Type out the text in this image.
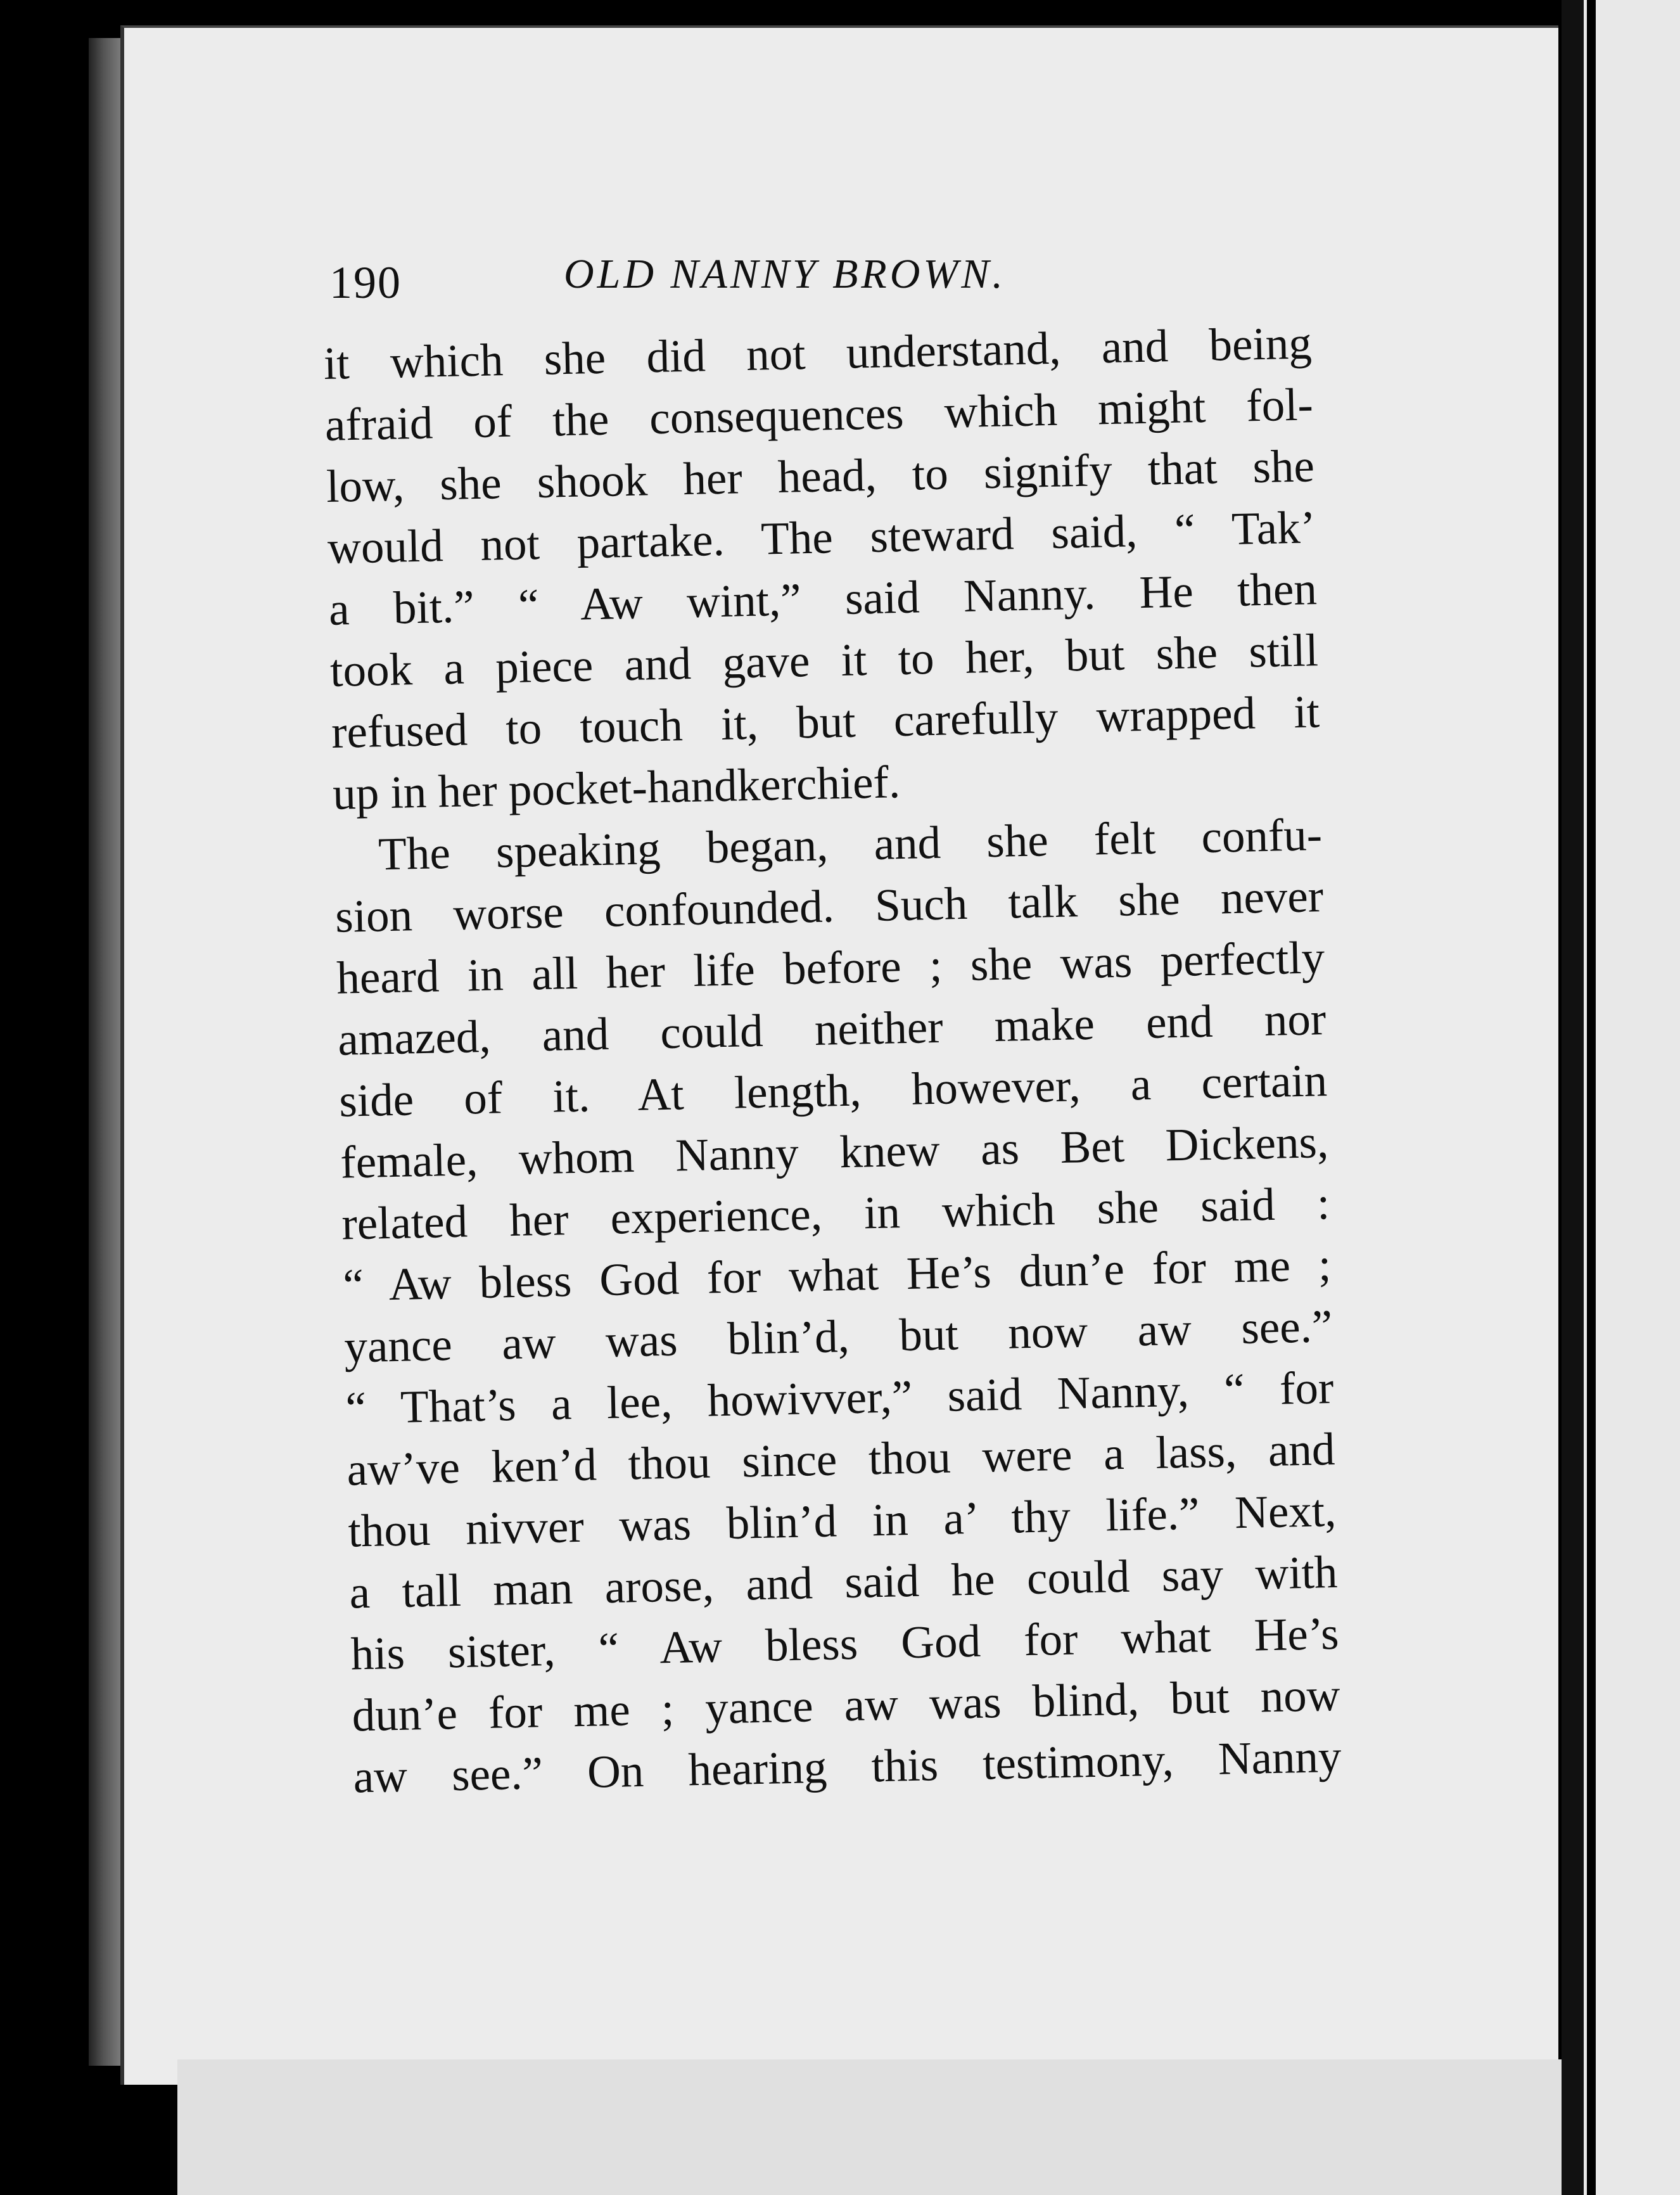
190	OLD NANNY BROWN.
it which she did not understand, and being
afraid of the consequences which might fol-
low, she shook her head, to signify that she
would not partake. The steward said, “ Tak’
a bit.” “ Aw wint,” said Nanny. He then
took a piece and gave it to her, but she still
refused to touch it, but carefully wrapped it
up in her pocket-handkerchief.
The speaking began, and she felt confu-
sion worse confounded. Such talk she never
heard in all her life before ; she was perfectly
amazed, and could neither make end nor
side of it. At length, however, a certain
female, whom Nanny knew as Bet Dickens,
related her experience, in which she said :
“ Aw bless God for what He’s dun’e for me ;
yance aw was blin’d, but now aw see.”
“ That’s a lee, howivver,” said Nanny, “ for
aw’ve ken’d thou since thou were a lass, and
thou nivver was blin’d in a’ thy life.” Next,
a tall man arose, and said he could say with
his sister, “ Aw bless God for what He’s
dun’e for me ; yance aw was blind, but now
aw see.” On hearing this testimony, Nanny
